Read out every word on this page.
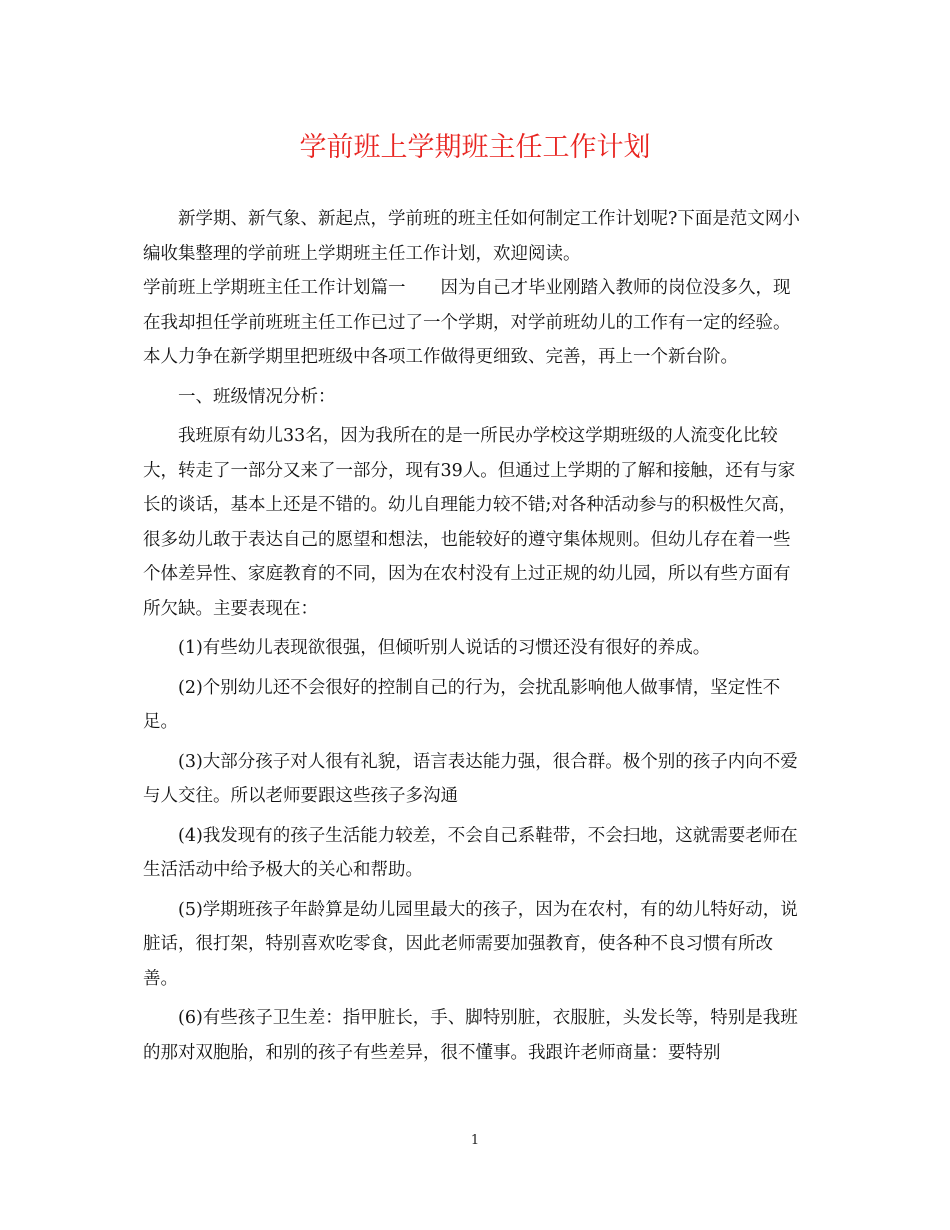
学前班上学期班主任工作计划

新学期、新气象、新起点，学前班的班主任如何制定工作计划呢?下面是范文网小编收集整理的学前班上学期班主任工作计划，欢迎阅读。

学前班上学期班主任工作计划篇一　　因为自己才毕业刚踏入教师的岗位没多久，现在我却担任学前班班主任工作已过了一个学期，对学前班幼儿的工作有一定的经验。本人力争在新学期里把班级中各项工作做得更细致、完善，再上一个新台阶。

一、班级情况分析：

我班原有幼儿33名，因为我所在的是一所民办学校这学期班级的人流变化比较大，转走了一部分又来了一部分，现有39人。但通过上学期的了解和接触，还有与家长的谈话，基本上还是不错的。幼儿自理能力较不错;对各种活动参与的积极性欠高，很多幼儿敢于表达自己的愿望和想法，也能较好的遵守集体规则。但幼儿存在着一些个体差异性、家庭教育的不同，因为在农村没有上过正规的幼儿园，所以有些方面有所欠缺。主要表现在：

(1)有些幼儿表现欲很强，但倾听别人说话的习惯还没有很好的养成。

(2)个别幼儿还不会很好的控制自己的行为，会扰乱影响他人做事情，坚定性不足。

(3)大部分孩子对人很有礼貌，语言表达能力强，很合群。极个别的孩子内向不爱与人交往。所以老师要跟这些孩子多沟通

(4)我发现有的孩子生活能力较差，不会自己系鞋带，不会扫地，这就需要老师在生活活动中给予极大的关心和帮助。

(5)学期班孩子年龄算是幼儿园里最大的孩子，因为在农村，有的幼儿特好动，说脏话，很打架，特别喜欢吃零食，因此老师需要加强教育，使各种不良习惯有所改善。

(6)有些孩子卫生差：指甲脏长，手、脚特别脏，衣服脏，头发长等，特别是我班的那对双胞胎，和别的孩子有些差异，很不懂事。我跟许老师商量：要特别

1
